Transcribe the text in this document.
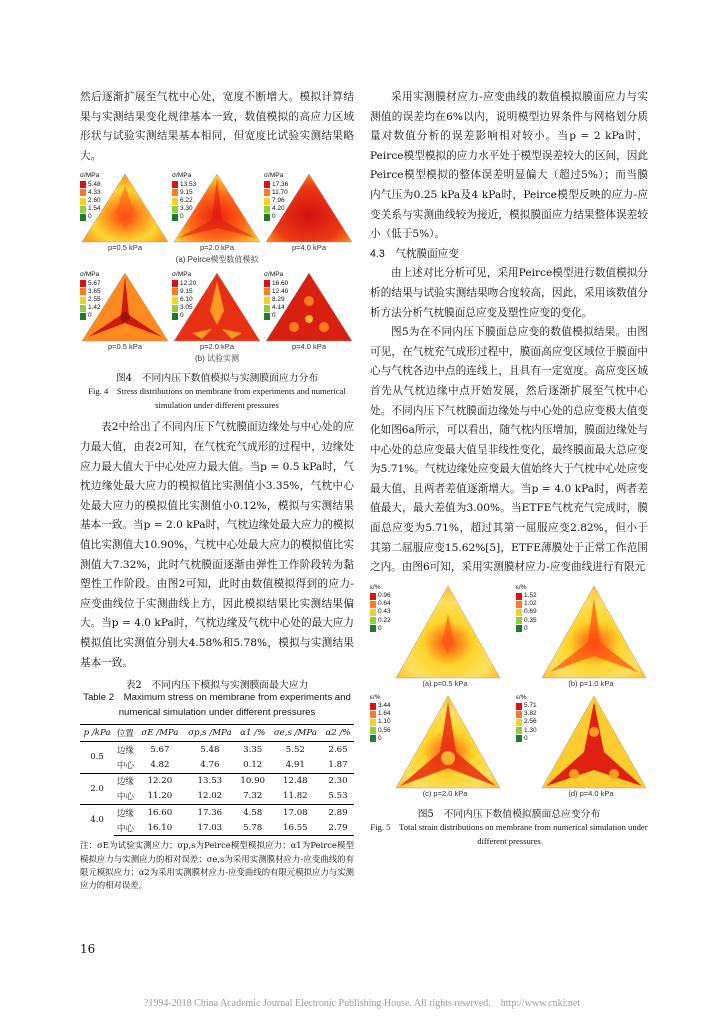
然后逐渐扩展至气枕中心处，宽度不断增大。模拟计算结果与实测结果变化规律基本一致，数值模拟的高应力区域形状与试验实测结果基本相同，但宽度比试验实测结果略大。

σ/MPa
5.48
4.33
2.60
1.54
0
p=0.5 kPa
σ/MPa
13.53
9.15
6.22
3.30
0
p=2.0 kPa
σ/MPa
17.36
11.70
7.96
4.20
0
p=4.0 kPa
(a) Peirce模型数值模拟
σ/MPa
5.67
3.65
2.55
1.42
0
p=0.5 kPa
σ/MPa
12.20
9.15
6.10
3.05
0
p=2.0 kPa
σ/MPa
16.60
12.40
8.29
4.14
0
p=4.0 kPa
(b) 试验实测
图4　不同内压下数值模拟与实测膜面应力分布
Fig. 4　Stress distributions on membrane from experiments and numerical simulation under different pressures

表2中给出了不同内压下气枕膜面边缘处与中心处的应力最大值，由表2可知，在气枕充气成形的过程中，边缘处应力最大值大于中心处应力最大值。当p = 0.5 kPa时，气枕边缘处最大应力的模拟值比实测值小3.35%，气枕中心处最大应力的模拟值比实测值小0.12%，模拟与实测结果基本一致。当p = 2.0 kPa时，气枕边缘处最大应力的模拟值比实测值大10.90%，气枕中心处最大应力的模拟值比实测值大7.32%，此时气枕膜面逐渐由弹性工作阶段转为黏塑性工作阶段。由图2可知，此时由数值模拟得到的应力-应变曲线位于实测曲线上方，因此模拟结果比实测结果偏大。当p = 4.0 kPa时，气枕边缘及气枕中心处的最大应力模拟值比实测值分别大4.58%和5.78%，模拟与实测结果基本一致。

表2　不同内压下模拟与实测膜面最大应力
Table 2　Maximum stress on membrane from experiments and numerical simulation under different pressures
p /kPa	位置	σE /MPa	σp,s /MPa	α1 /%	σe,s /MPa	α2 /%
0.5	边缘	5.67	5.48	3.35	5.52	2.65
	中心	4.82	4.76	0.12	4.91	1.87
2.0	边缘	12.20	13.53	10.90	12.48	2.30
	中心	11.20	12.02	7.32	11.82	5.53
4.0	边缘	16.60	17.36	4.58	17.08	2.89
	中心	16.10	17.03	5.78	16.55	2.79
注：σE为试验实测应力；σp,s为Peirce模型模拟应力；α1为Peirce模型模拟应力与实测应力的相对误差；σe,s为采用实测膜材应力-应变曲线的有限元模拟应力；α2为采用实测膜材应力-应变曲线的有限元模拟应力与实测应力的相对误差。

采用实测膜材应力-应变曲线的数值模拟膜面应力与实测值的误差均在6%以内，说明模型边界条件与网格划分质量对数值分析的误差影响相对较小。当p = 2 kPa时，Peirce模型模拟的应力水平处于模型误差较大的区间，因此Peirce模型模拟的整体误差明显偏大（超过5%）；而当膜内气压为0.25 kPa及4 kPa时，Peirce模型反映的应力-应变关系与实测曲线较为接近，模拟膜面应力结果整体误差较小（低于5%）。

4.3　气枕膜面应变

由上述对比分析可见，采用Peirce模型进行数值模拟分析的结果与试验实测结果吻合度较高，因此，采用该数值分析方法分析气枕膜面总应变及塑性应变的变化。

图5为在不同内压下膜面总应变的数值模拟结果。由图可见，在气枕充气成形过程中，膜面高应变区域位于膜面中心与气枕各边中点的连线上，且具有一定宽度。高应变区域首先从气枕边缘中点开始发展，然后逐渐扩展至气枕中心处。不同内压下气枕膜面边缘处与中心处的总应变极大值变化如图6a所示，可以看出，随气枕内压增加，膜面边缘处与中心处的总应变最大值呈非线性变化，最终膜面最大总应变为5.71%。气枕边缘处应变最大值始终大于气枕中心处应变最大值，且两者差值逐渐增大。当p = 4.0 kPa时，两者差值最大，最大差值为3.00%。当ETFE气枕充气完成时，膜面总应变为5.71%，超过其第一屈服应变2.82%，但小于其第二屈服应变15.62%[5]，ETFE薄膜处于正常工作范围之内。由图6可知，采用实测膜材应力-应变曲线进行有限元

ε/%
0.96
0.64
0.43
0.22
0
(a) p=0.5 kPa
ε/%
1.52
1.02
0.69
0.35
0
(b) p=1.0 kPa
ε/%
3.44
1.64
1.10
0.56
0
(c) p=2.0 kPa
ε/%
5.71
3.82
2.56
1.30
0
(d) p=4.0 kPa
图5　不同内压下数值模拟膜面总应变分布
Fig. 5　Total strain distributions on membrane from numerical simulation under different pressures
16
?1994-2018 China Academic Journal Electronic Publishing House. All rights reserved.　http://www.cnki.net
